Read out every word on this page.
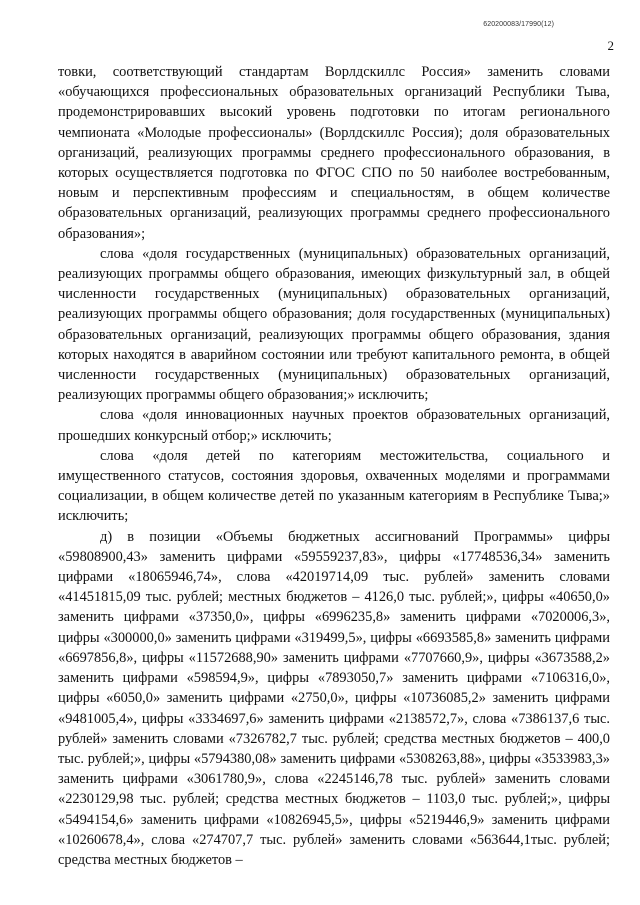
620200083/17990(12)
2

товки, соответствующий стандартам Ворлдскиллс Россия» заменить словами «обучающихся профессиональных образовательных организаций Республики Тыва, продемонстрировавших высокий уровень подготовки по итогам регионального чемпионата «Молодые профессионалы» (Ворлдскиллс Россия); доля образовательных организаций, реализующих программы среднего профессионального образования, в которых осуществляется подготовка по ФГОС СПО по 50 наиболее востребованным, новым и перспективным профессиям и специальностям, в общем количестве образовательных организаций, реализующих программы среднего профессионального образования»;

слова «доля государственных (муниципальных) образовательных организаций, реализующих программы общего образования, имеющих физкультурный зал, в общей численности государственных (муниципальных) образовательных организаций, реализующих программы общего образования; доля государственных (муниципальных) образовательных организаций, реализующих программы общего образования, здания которых находятся в аварийном состоянии или требуют капитального ремонта, в общей численности государственных (муниципальных) образовательных организаций, реализующих программы общего образования;» исключить;

слова «доля инновационных научных проектов образовательных организаций, прошедших конкурсный отбор;» исключить;

слова «доля детей по категориям местожительства, социального и имущественного статусов, состояния здоровья, охваченных моделями и программами социализации, в общем количестве детей по указанным категориям в Республике Тыва;» исключить;

д) в позиции «Объемы бюджетных ассигнований Программы» цифры «59808900,43» заменить цифрами «59559237,83», цифры «17748536,34» заменить цифрами «18065946,74», слова «42019714,09 тыс. рублей» заменить словами «41451815,09 тыс. рублей; местных бюджетов – 4126,0 тыс. рублей;», цифры «40650,0» заменить цифрами «37350,0», цифры «6996235,8» заменить цифрами «7020006,3», цифры «300000,0» заменить цифрами «319499,5», цифры «6693585,8» заменить цифрами «6697856,8», цифры «11572688,90» заменить цифрами «7707660,9», цифры «3673588,2» заменить цифрами «598594,9», цифры «7893050,7» заменить цифрами «7106316,0», цифры «6050,0» заменить цифрами «2750,0», цифры «10736085,2» заменить цифрами «9481005,4», цифры «3334697,6» заменить цифрами «2138572,7», слова «7386137,6 тыс. рублей» заменить словами «7326782,7 тыс. рублей; средства местных бюджетов – 400,0 тыс. рублей;», цифры «5794380,08» заменить цифрами «5308263,88», цифры «3533983,3» заменить цифрами «3061780,9», слова «2245146,78 тыс. рублей» заменить словами «2230129,98 тыс. рублей; средства местных бюджетов – 1103,0 тыс. рублей;», цифры «5494154,6» заменить цифрами «10826945,5», цифры «5219446,9» заменить цифрами «10260678,4», слова «274707,7 тыс. рублей» заменить словами «563644,1тыс. рублей; средства местных бюджетов –
